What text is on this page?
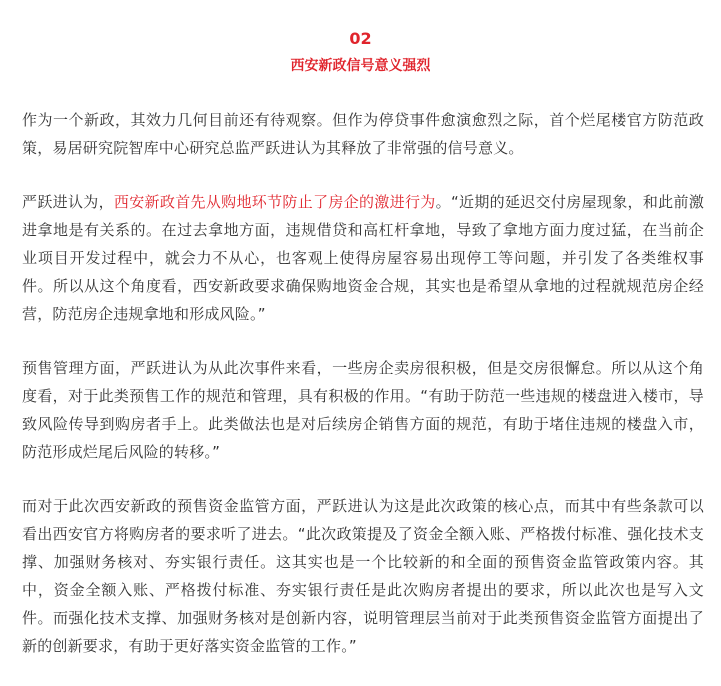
02
西安新政信号意义强烈

作为一个新政，其效力几何目前还有待观察。但作为停贷事件愈演愈烈之际，首个烂尾楼官方防范政策，易居研究院智库中心研究总监严跃进认为其释放了非常强的信号意义。

严跃进认为，西安新政首先从购地环节防止了房企的激进行为。“近期的延迟交付房屋现象，和此前激进拿地是有关系的。在过去拿地方面，违规借贷和高杠杆拿地，导致了拿地方面力度过猛，在当前企业项目开发过程中，就会力不从心，也客观上使得房屋容易出现停工等问题，并引发了各类维权事件。所以从这个角度看，西安新政要求确保购地资金合规，其实也是希望从拿地的过程就规范房企经营，防范房企违规拿地和形成风险。”

预售管理方面，严跃进认为从此次事件来看，一些房企卖房很积极，但是交房很懈怠。所以从这个角度看，对于此类预售工作的规范和管理，具有积极的作用。“有助于防范一些违规的楼盘进入楼市，导致风险传导到购房者手上。此类做法也是对后续房企销售方面的规范，有助于堵住违规的楼盘入市，防范形成烂尾后风险的转移。”

而对于此次西安新政的预售资金监管方面，严跃进认为这是此次政策的核心点，而其中有些条款可以看出西安官方将购房者的要求听了进去。“此次政策提及了资金全额入账、严格拨付标准、强化技术支撑、加强财务核对、夯实银行责任。这其实也是一个比较新的和全面的预售资金监管政策内容。其中，资金全额入账、严格拨付标准、夯实银行责任是此次购房者提出的要求，所以此次也是写入文件。而强化技术支撑、加强财务核对是创新内容，说明管理层当前对于此类预售资金监管方面提出了新的创新要求，有助于更好落实资金监管的工作。”
